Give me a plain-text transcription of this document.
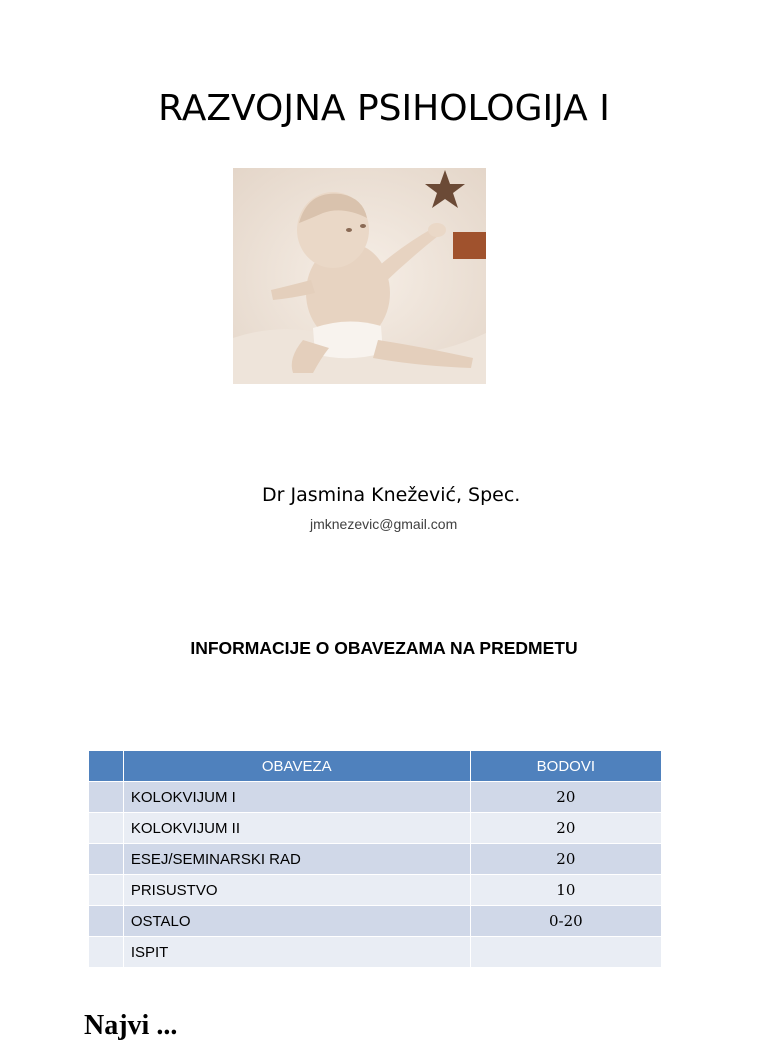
RAZVOJNA PSIHOLOGIJA I
Dr Jasmina Knežević, Spec.
jmknezevic@gmail.com
INFORMACIJE O OBAVEZAMA NA PREDMETU
	OBAVEZA	BODOVI
	KOLOKVIJUM I	20
	KOLOKVIJUM II	20
	ESEJ/SEMINARSKI RAD	20
	PRISUSTVO	10
	OSTALO	0-20
	ISPIT	
Najvi ...
